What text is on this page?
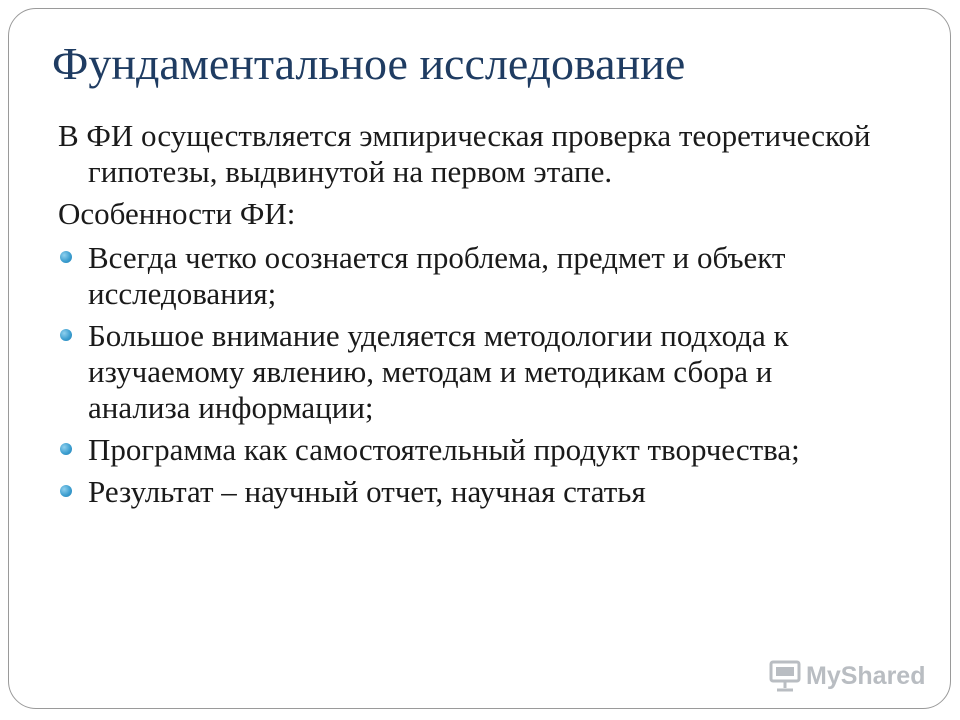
Фундаментальное исследование

В ФИ осуществляется эмпирическая проверка теоретической гипотезы, выдвинутой на первом этапе.

Особенности ФИ:

Всегда четко осознается проблема, предмет и объект исследования;
Большое внимание уделяется методологии подхода к изучаемому явлению, методам и методикам сбора и анализа информации;
Программа как самостоятельный продукт творчества;
Результат – научный отчет, научная статья
MyShared
